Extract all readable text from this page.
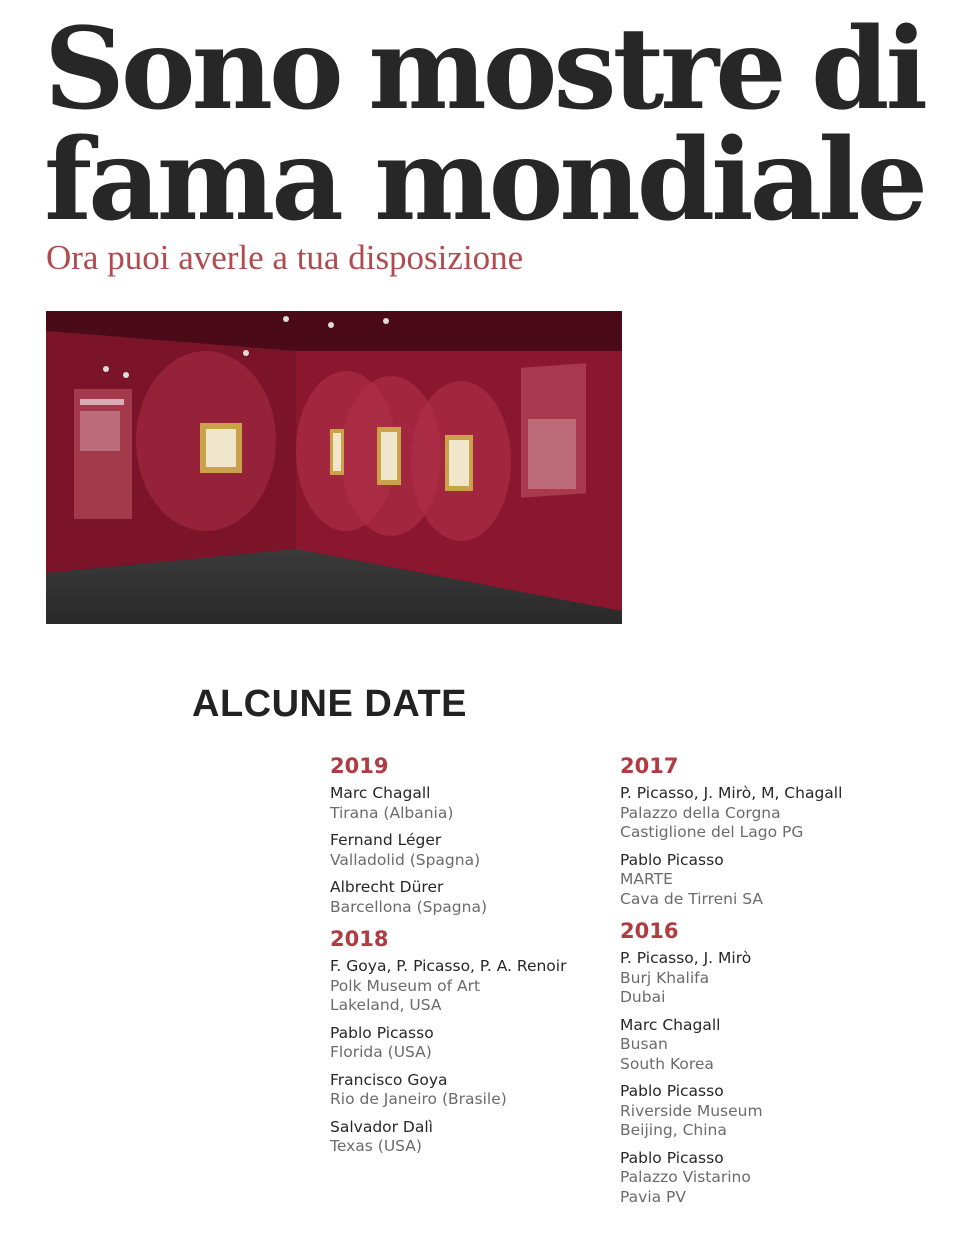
Sono mostre di
fama mondiale
Ora puoi averle a tua disposizione
ALCUNE DATE
2019
Marc Chagall
Tirana (Albania)
Fernand Léger
Valladolid (Spagna)
Albrecht Dürer
Barcellona (Spagna)
2018
F. Goya, P. Picasso, P. A. Renoir
Polk Museum of Art
Lakeland, USA
Pablo Picasso
Florida (USA)
Francisco Goya
Rio de Janeiro (Brasile)
Salvador Dalì
Texas (USA)
2017
P. Picasso, J. Mirò, M, Chagall
Palazzo della Corgna
Castiglione del Lago PG
Pablo Picasso
MARTE
Cava de Tirreni SA
2016
P. Picasso, J. Mirò
Burj Khalifa
Dubai
Marc Chagall
Busan
South Korea
Pablo Picasso
Riverside Museum
Beijing, China
Pablo Picasso
Palazzo Vistarino
Pavia PV
